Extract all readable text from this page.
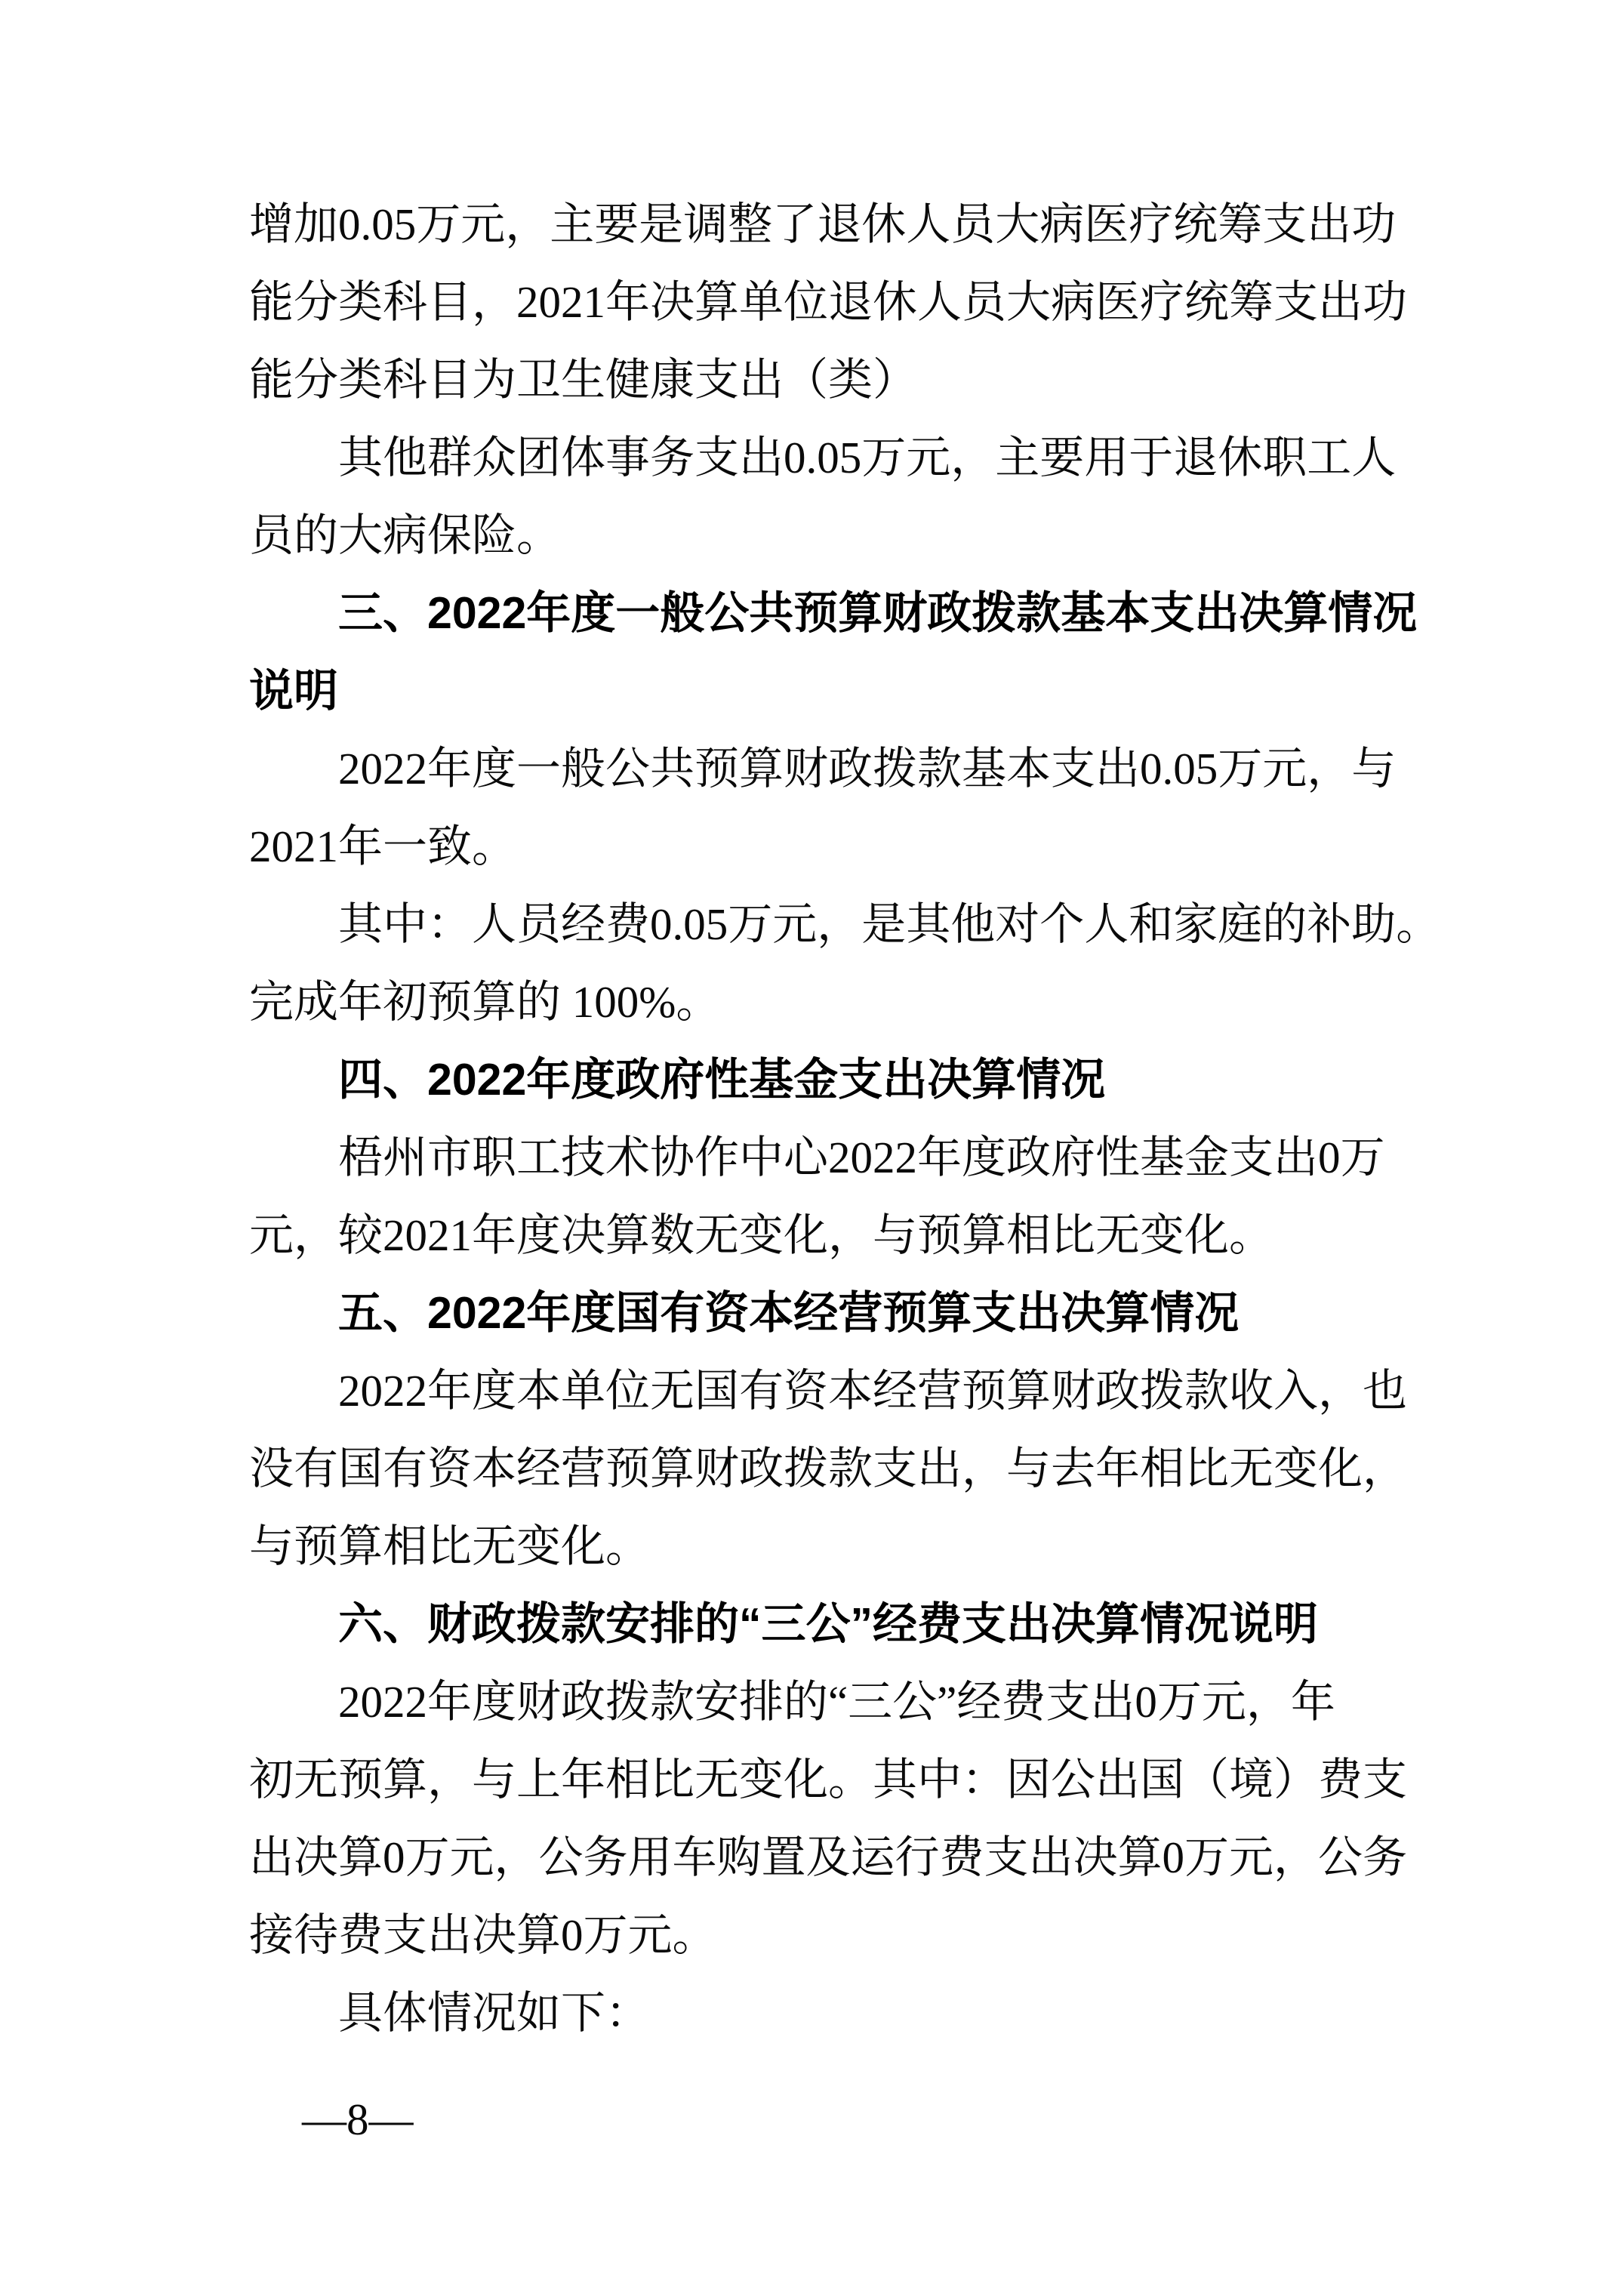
增加0.05万元，主要是调整了退休人员大病医疗统筹支出功
能分类科目，2021年决算单位退休人员大病医疗统筹支出功
能分类科目为卫生健康支出（类）
其他群众团体事务支出0.05万元，主要用于退休职工人
员的大病保险。
三、2022年度一般公共预算财政拨款基本支出决算情况
说明
2022年度一般公共预算财政拨款基本支出0.05万元，与
2021年一致。
其中：人员经费0.05万元，是其他对个人和家庭的补助。
完成年初预算的 100%。
四、2022年度政府性基金支出决算情况
梧州市职工技术协作中心2022年度政府性基金支出0万
元，较2021年度决算数无变化，与预算相比无变化。
五、2022年度国有资本经营预算支出决算情况
2022年度本单位无国有资本经营预算财政拨款收入，也
没有国有资本经营预算财政拨款支出，与去年相比无变化，
与预算相比无变化。
六、财政拨款安排的“三公”经费支出决算情况说明
2022年度财政拨款安排的“三公”经费支出0万元，年
初无预算，与上年相比无变化。其中：因公出国（境）费支
出决算0万元，公务用车购置及运行费支出决算0万元，公务
接待费支出决算0万元。
具体情况如下：
—8—
